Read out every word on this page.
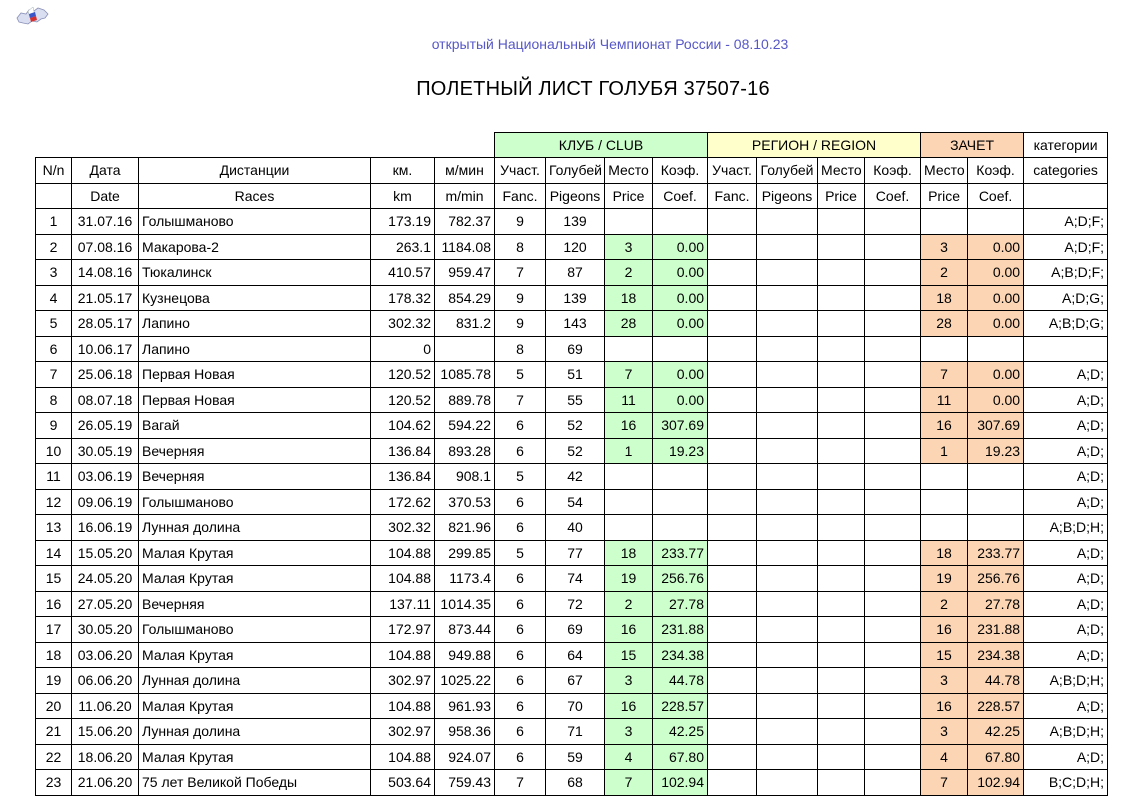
открытый Национальный Чемпионат России - 08.10.23
ПОЛЕТНЫЙ ЛИСТ ГОЛУБЯ 37507-16
					КЛУБ / CLUB				РЕГИОН / REGION				ЗАЧЕТ		категории
N/n	Дата	Дистанции	км.	м/мин	Участ.	Голубей	Место	Коэф.	Участ.	Голубей	Место	Коэф.	Место	Коэф.	categories
	Date	Races	km	m/min	Fanc.	Pigeons	Price	Coef.	Fanc.	Pigeons	Price	Coef.	Price	Coef.	
1	31.07.16	Голышманово	173.19	782.37	9	139									A;D;F;
2	07.08.16	Макарова-2	263.1	1184.08	8	120	3	0.00					3	0.00	A;D;F;
3	14.08.16	Тюкалинск	410.57	959.47	7	87	2	0.00					2	0.00	A;B;D;F;
4	21.05.17	Кузнецова	178.32	854.29	9	139	18	0.00					18	0.00	A;D;G;
5	28.05.17	Лапино	302.32	831.2	9	143	28	0.00					28	0.00	A;B;D;G;
6	10.06.17	Лапино	0		8	69									
7	25.06.18	Первая Новая	120.52	1085.78	5	51	7	0.00					7	0.00	A;D;
8	08.07.18	Первая Новая	120.52	889.78	7	55	11	0.00					11	0.00	A;D;
9	26.05.19	Вагай	104.62	594.22	6	52	16	307.69					16	307.69	A;D;
10	30.05.19	Вечерняя	136.84	893.28	6	52	1	19.23					1	19.23	A;D;
11	03.06.19	Вечерняя	136.84	908.1	5	42									A;D;
12	09.06.19	Голышманово	172.62	370.53	6	54									A;D;
13	16.06.19	Лунная долина	302.32	821.96	6	40									A;B;D;H;
14	15.05.20	Малая Крутая	104.88	299.85	5	77	18	233.77					18	233.77	A;D;
15	24.05.20	Малая Крутая	104.88	1173.4	6	74	19	256.76					19	256.76	A;D;
16	27.05.20	Вечерняя	137.11	1014.35	6	72	2	27.78					2	27.78	A;D;
17	30.05.20	Голышманово	172.97	873.44	6	69	16	231.88					16	231.88	A;D;
18	03.06.20	Малая Крутая	104.88	949.88	6	64	15	234.38					15	234.38	A;D;
19	06.06.20	Лунная долина	302.97	1025.22	6	67	3	44.78					3	44.78	A;B;D;H;
20	11.06.20	Малая Крутая	104.88	961.93	6	70	16	228.57					16	228.57	A;D;
21	15.06.20	Лунная долина	302.97	958.36	6	71	3	42.25					3	42.25	A;B;D;H;
22	18.06.20	Малая Крутая	104.88	924.07	6	59	4	67.80					4	67.80	A;D;
23	21.06.20	75 лет Великой Победы	503.64	759.43	7	68	7	102.94					7	102.94	B;C;D;H;
